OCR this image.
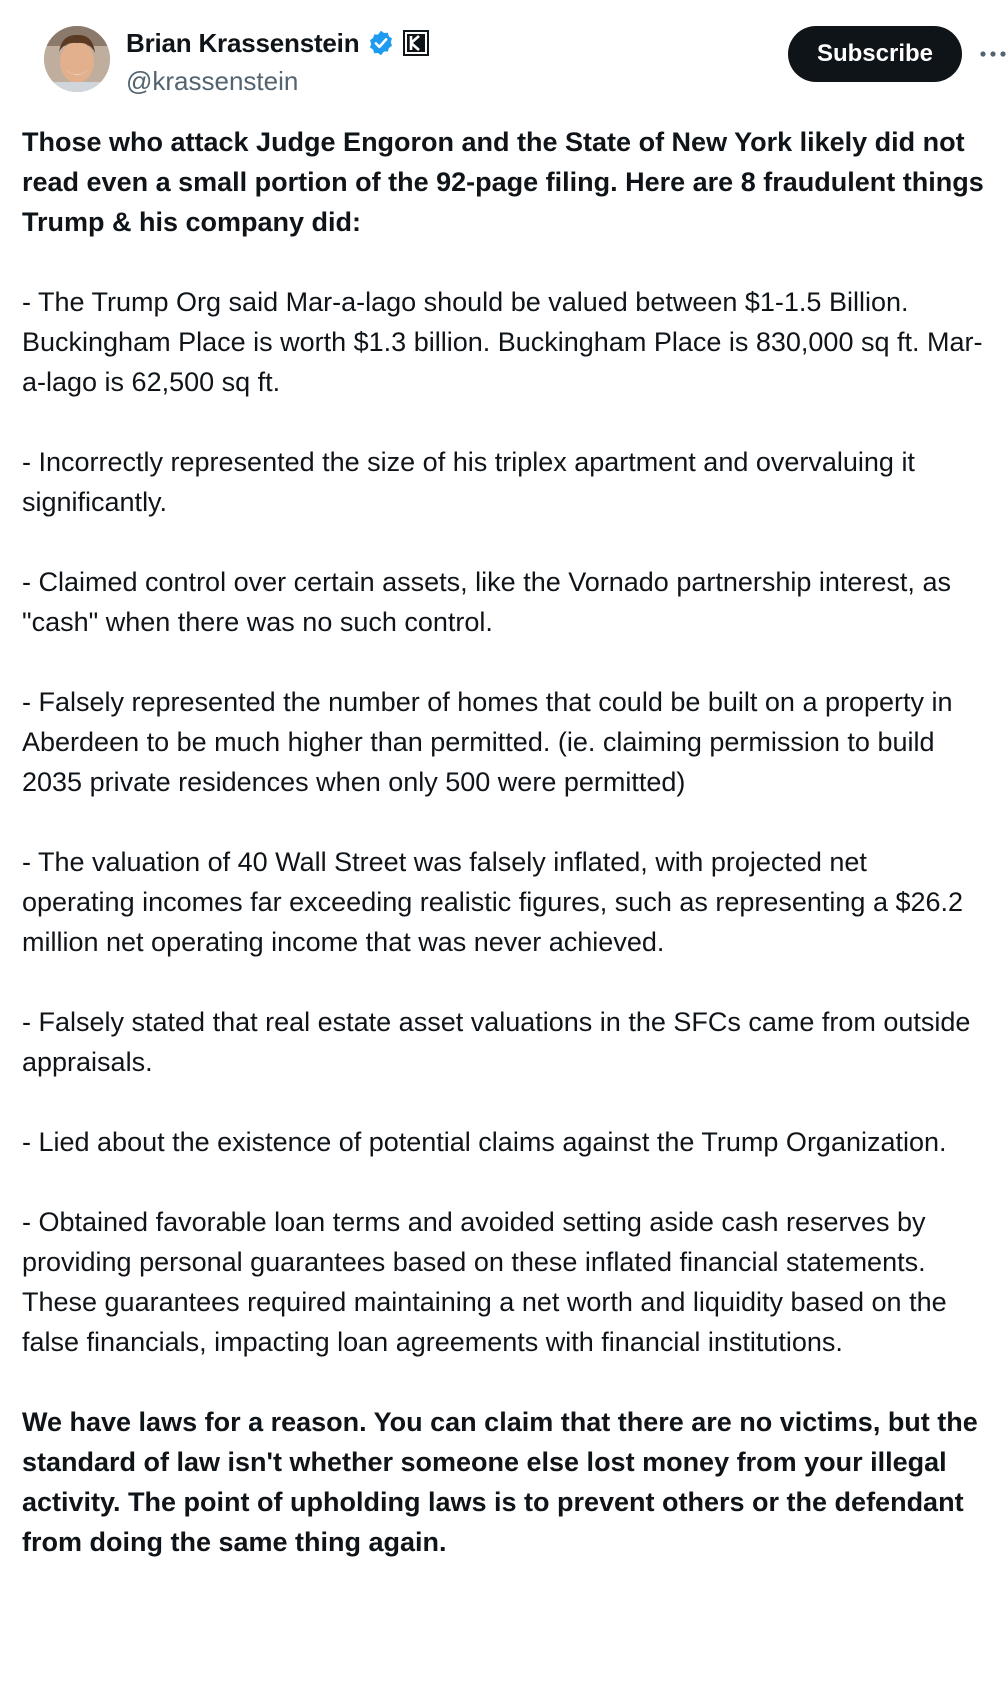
Brian Krassenstein
@krassenstein
Subscribe

Those who attack Judge Engoron and the State of New York likely did not read even a small portion of the 92-page filing. Here are 8 fraudulent things Trump & his company did:

- The Trump Org said Mar-a-lago should be valued between $1-1.5 Billion. Buckingham Place is worth $1.3 billion. Buckingham Place is 830,000 sq ft. Mar-a-lago is 62,500 sq ft.

- Incorrectly represented the size of his triplex apartment and overvaluing it significantly.

- Claimed control over certain assets, like the Vornado partnership interest, as "cash" when there was no such control.

- Falsely represented the number of homes that could be built on a property in Aberdeen to be much higher than permitted. (ie. claiming permission to build 2035 private residences when only 500 were permitted)

- The valuation of 40 Wall Street was falsely inflated, with projected net operating incomes far exceeding realistic figures, such as representing a $26.2 million net operating income that was never achieved.

- Falsely stated that real estate asset valuations in the SFCs came from outside appraisals.

- Lied about the existence of potential claims against the Trump Organization.

- Obtained favorable loan terms and avoided setting aside cash reserves by providing personal guarantees based on these inflated financial statements. These guarantees required maintaining a net worth and liquidity based on the false financials, impacting loan agreements with financial institutions.

We have laws for a reason. You can claim that there are no victims, but the standard of law isn't whether someone else lost money from your illegal activity. The point of upholding laws is to prevent others or the defendant from doing the same thing again.
